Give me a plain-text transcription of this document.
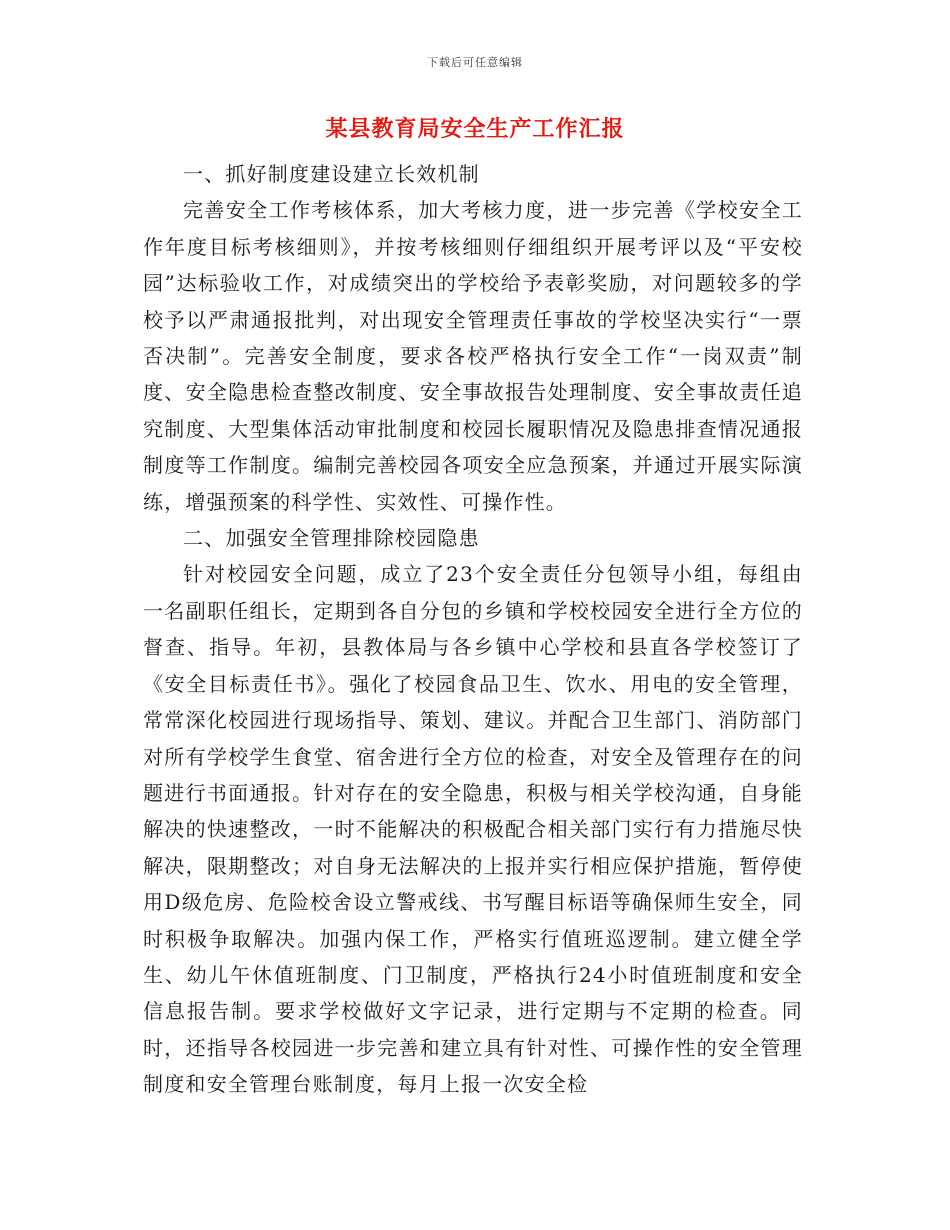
下载后可任意编辑
某县教育局安全生产工作汇报

一、抓好制度建设建立长效机制

完善安全工作考核体系，加大考核力度，进一步完善《学校安全工作年度目标考核细则》，并按考核细则仔细组织开展考评以及“平安校园”达标验收工作，对成绩突出的学校给予表彰奖励，对问题较多的学校予以严肃通报批判，对出现安全管理责任事故的学校坚决实行“一票否决制”。完善安全制度，要求各校严格执行安全工作“一岗双责”制度、安全隐患检查整改制度、安全事故报告处理制度、安全事故责任追究制度、大型集体活动审批制度和校园长履职情况及隐患排查情况通报制度等工作制度。编制完善校园各项安全应急预案，并通过开展实际演练，增强预案的科学性、实效性、可操作性。

二、加强安全管理排除校园隐患

针对校园安全问题，成立了23个安全责任分包领导小组，每组由一名副职任组长，定期到各自分包的乡镇和学校校园安全进行全方位的督查、指导。年初，县教体局与各乡镇中心学校和县直各学校签订了《安全目标责任书》。强化了校园食品卫生、饮水、用电的安全管理，常常深化校园进行现场指导、策划、建议。并配合卫生部门、消防部门对所有学校学生食堂、宿舍进行全方位的检查，对安全及管理存在的问题进行书面通报。针对存在的安全隐患，积极与相关学校沟通，自身能解决的快速整改，一时不能解决的积极配合相关部门实行有力措施尽快解决，限期整改；对自身无法解决的上报并实行相应保护措施，暂停使用D级危房、危险校舍设立警戒线、书写醒目标语等确保师生安全，同时积极争取解决。加强内保工作，严格实行值班巡逻制。建立健全学生、幼儿午休值班制度、门卫制度，严格执行24小时值班制度和安全信息报告制。要求学校做好文字记录，进行定期与不定期的检查。同时，还指导各校园进一步完善和建立具有针对性、可操作性的安全管理制度和安全管理台账制度，每月上报一次安全检
